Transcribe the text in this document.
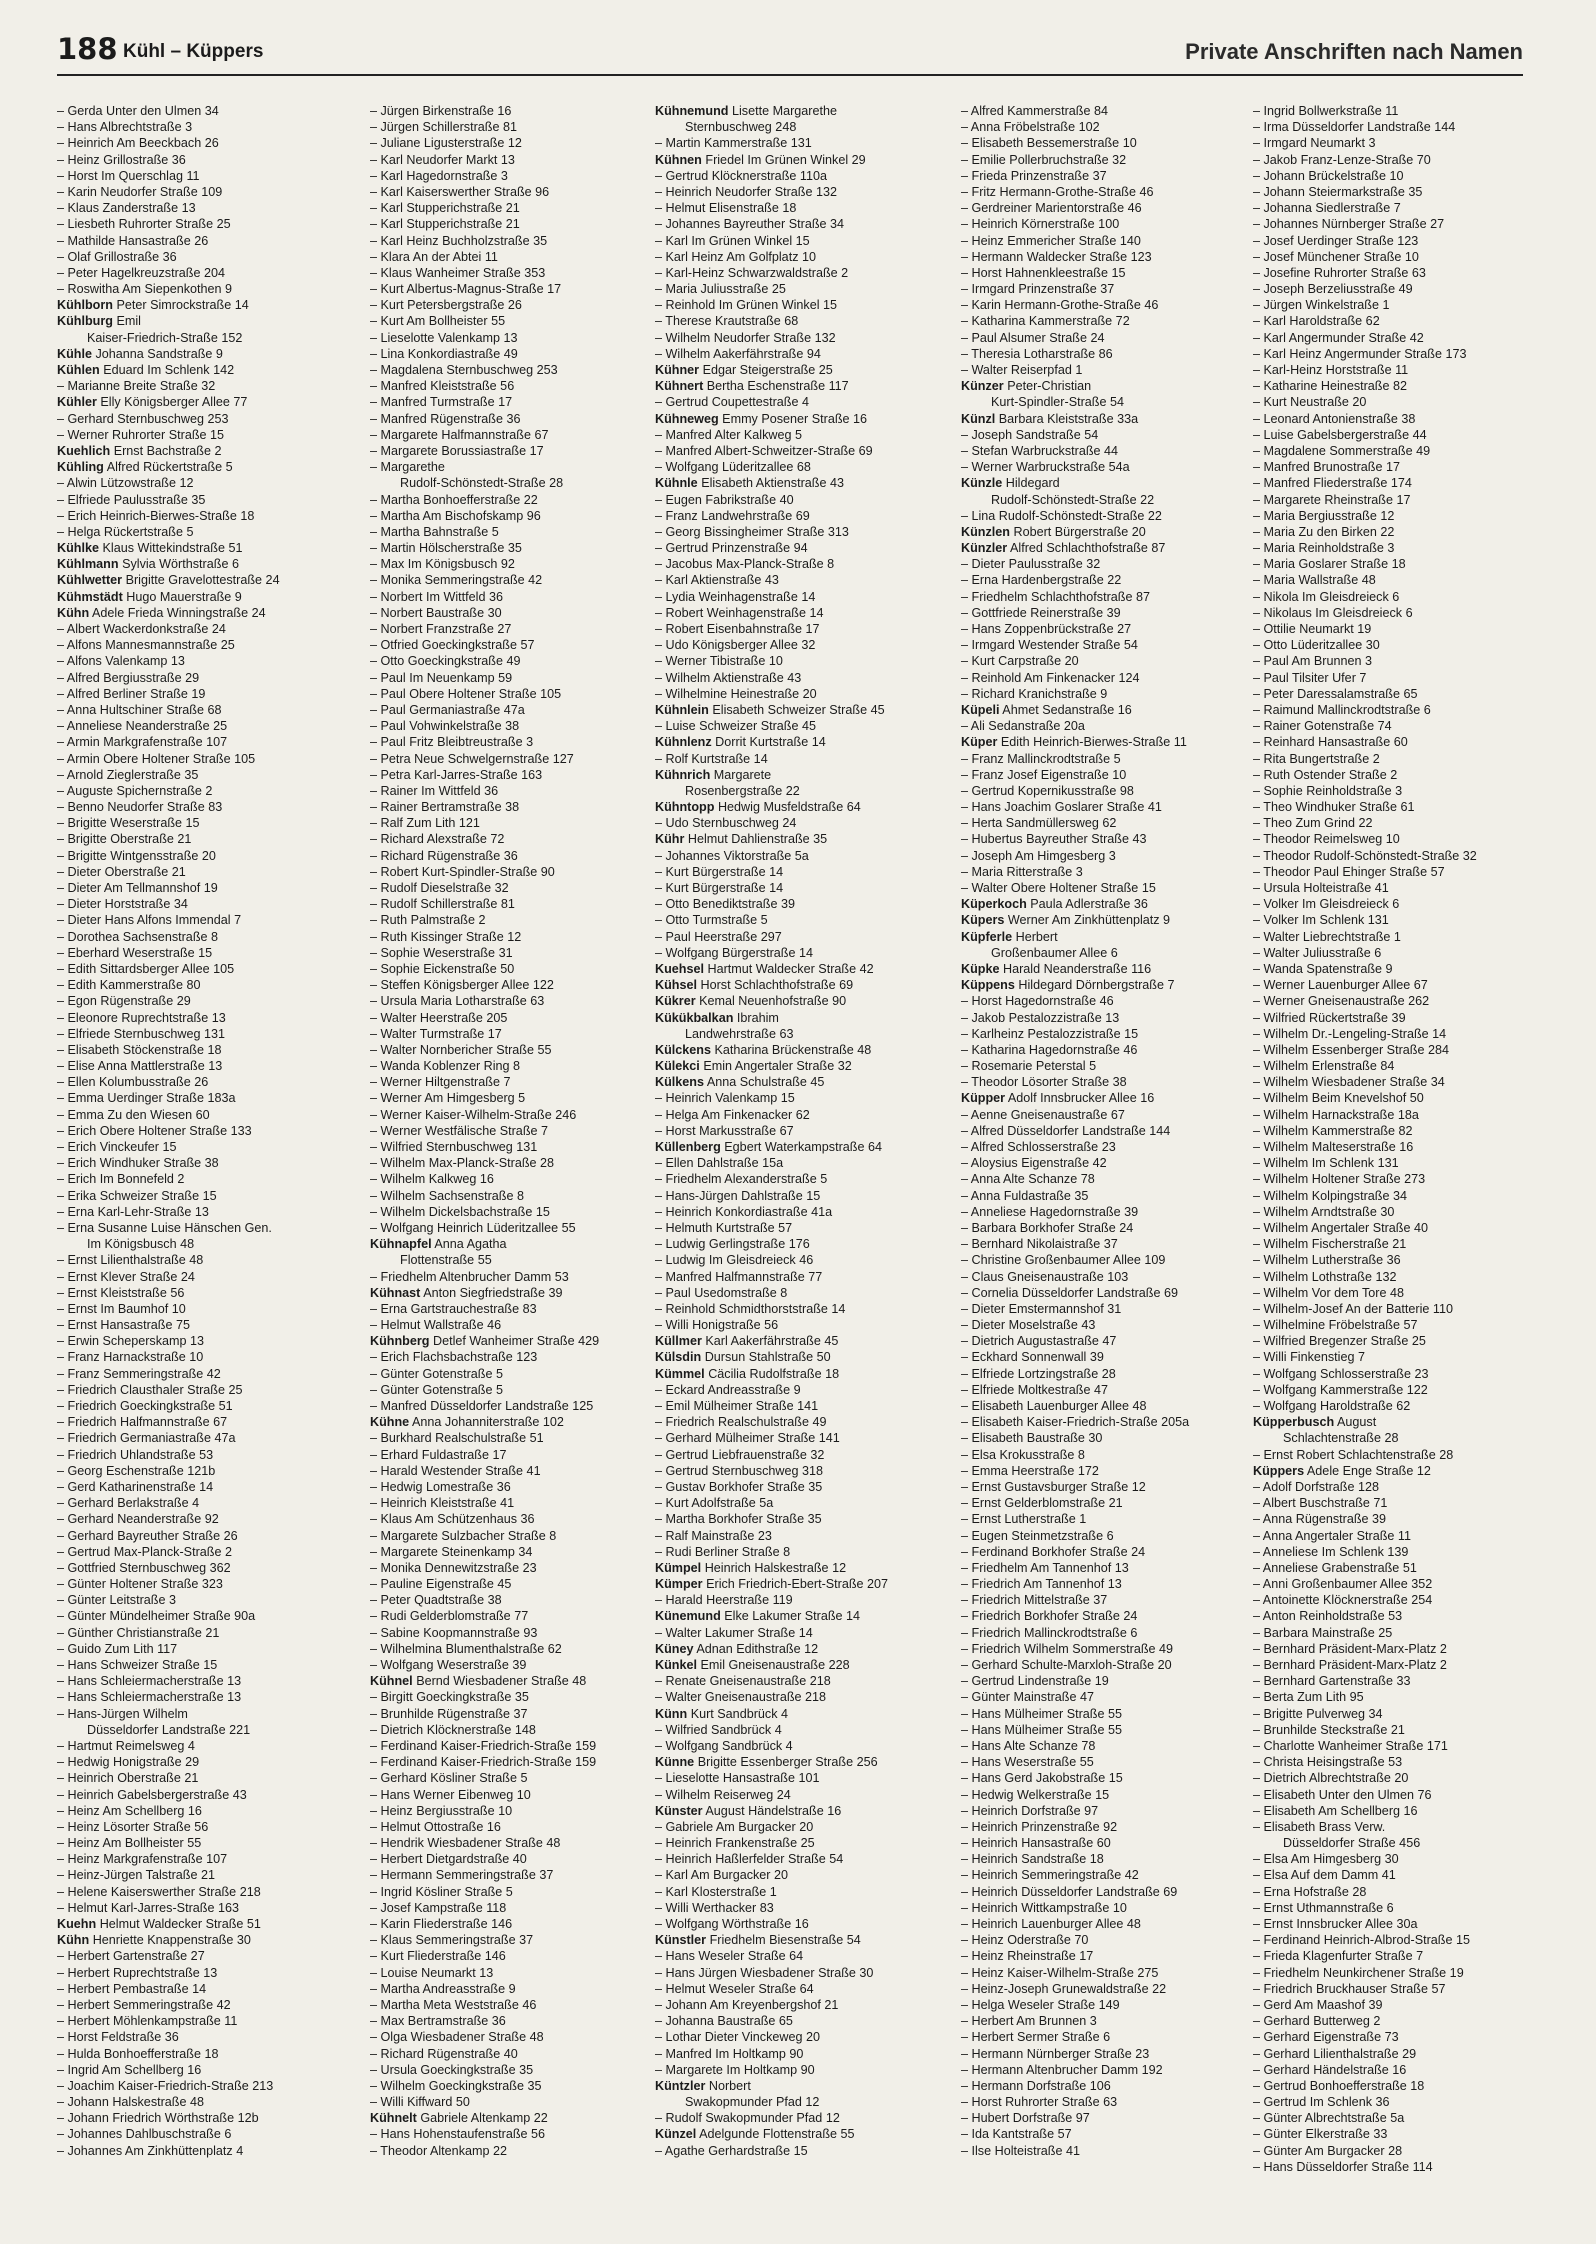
188 Kühl – Küppers	Private Anschriften nach Namen
– Gerda Unter den Ulmen 34
– Hans Albrechtstraße 3
– Heinrich Am Beeckbach 26
– Heinz Grillostraße 36
– Horst Im Querschlag 11
– Karin Neudorfer Straße 109
– Klaus Zanderstraße 13
– Liesbeth Ruhrorter Straße 25
– Mathilde Hansastraße 26
– Olaf Grillostraße 36
– Peter Hagelkreuzstraße 204
– Roswitha Am Siepenkothen 9
Kühlborn Peter Simrockstraße 14
Kühlburg Emil
Kaiser-Friedrich-Straße 152
Kühle Johanna Sandstraße 9
Kühlen Eduard Im Schlenk 142
– Marianne Breite Straße 32
Kühler Elly Königsberger Allee 77
– Gerhard Sternbuschweg 253
– Werner Ruhrorter Straße 15
Kuehlich Ernst Bachstraße 2
Kühling Alfred Rückertstraße 5
– Alwin Lützowstraße 12
– Elfriede Paulusstraße 35
– Erich Heinrich-Bierwes-Straße 18
– Helga Rückertstraße 5
Kühlke Klaus Wittekindstraße 51
Kühlmann Sylvia Wörthstraße 6
Kühlwetter Brigitte Gravelottestraße 24
Kühmstädt Hugo Mauerstraße 9
Kühn Adele Frieda Winningstraße 24
– Albert Wackerdonkstraße 24
– Alfons Mannesmannstraße 25
– Alfons Valenkamp 13
– Alfred Bergiusstraße 29
– Alfred Berliner Straße 19
– Anna Hultschiner Straße 68
– Anneliese Neanderstraße 25
– Armin Markgrafenstraße 107
– Armin Obere Holtener Straße 105
– Arnold Zieglerstraße 35
– Auguste Spichernstraße 2
– Benno Neudorfer Straße 83
– Brigitte Weserstraße 15
– Brigitte Oberstraße 21
– Brigitte Wintgensstraße 20
– Dieter Oberstraße 21
– Dieter Am Tellmannshof 19
– Dieter Horststraße 34
– Dieter Hans Alfons Immendal 7
– Dorothea Sachsenstraße 8
– Eberhard Weserstraße 15
– Edith Sittardsberger Allee 105
– Edith Kammerstraße 80
– Egon Rügenstraße 29
– Eleonore Ruprechtstraße 13
– Elfriede Sternbuschweg 131
– Elisabeth Stöckenstraße 18
– Elise Anna Mattlerstraße 13
– Ellen Kolumbusstraße 26
– Emma Uerdinger Straße 183a
– Emma Zu den Wiesen 60
– Erich Obere Holtener Straße 133
– Erich Vinckeufer 15
– Erich Windhuker Straße 38
– Erich Im Bonnefeld 2
– Erika Schweizer Straße 15
– Erna Karl-Lehr-Straße 13
– Erna Susanne Luise Hänschen Gen.
Im Königsbusch 48
– Ernst Lilienthalstraße 48
– Ernst Klever Straße 24
– Ernst Kleiststraße 56
– Ernst Im Baumhof 10
– Ernst Hansastraße 75
– Erwin Scheperskamp 13
– Franz Harnackstraße 10
– Franz Semmeringstraße 42
– Friedrich Clausthaler Straße 25
– Friedrich Goeckingkstraße 51
– Friedrich Halfmannstraße 67
– Friedrich Germaniastraße 47a
– Friedrich Uhlandstraße 53
– Georg Eschenstraße 121b
– Gerd Katharinenstraße 14
– Gerhard Berlakstraße 4
– Gerhard Neanderstraße 92
– Gerhard Bayreuther Straße 26
– Gertrud Max-Planck-Straße 2
– Gottfried Sternbuschweg 362
– Günter Holtener Straße 323
– Günter Leitstraße 3
– Günter Mündelheimer Straße 90a
– Günther Christianstraße 21
– Guido Zum Lith 117
– Hans Schweizer Straße 15
– Hans Schleiermacherstraße 13
– Hans Schleiermacherstraße 13
– Hans-Jürgen Wilhelm
Düsseldorfer Landstraße 221
– Hartmut Reimelsweg 4
– Hedwig Honigstraße 29
– Heinrich Oberstraße 21
– Heinrich Gabelsbergerstraße 43
– Heinz Am Schellberg 16
– Heinz Lösorter Straße 56
– Heinz Am Bollheister 55
– Heinz Markgrafenstraße 107
– Heinz-Jürgen Talstraße 21
– Helene Kaiserswerther Straße 218
– Helmut Karl-Jarres-Straße 163
Kuehn Helmut Waldecker Straße 51
Kühn Henriette Knappenstraße 30
– Herbert Gartenstraße 27
– Herbert Ruprechtstraße 13
– Herbert Pembastraße 14
– Herbert Semmeringstraße 42
– Herbert Möhlenkampstraße 11
– Horst Feldstraße 36
– Hulda Bonhoefferstraße 18
– Ingrid Am Schellberg 16
– Joachim Kaiser-Friedrich-Straße 213
– Johann Halskestraße 48
– Johann Friedrich Wörthstraße 12b
– Johannes Dahlbuschstraße 6
– Johannes Am Zinkhüttenplatz 4
– Jürgen Birkenstraße 16
– Jürgen Schillerstraße 81
– Juliane Ligusterstraße 12
– Karl Neudorfer Markt 13
– Karl Hagedornstraße 3
– Karl Kaiserswerther Straße 96
– Karl Stupperichstraße 21
– Karl Stupperichstraße 21
– Karl Heinz Buchholzstraße 35
– Klara An der Abtei 11
– Klaus Wanheimer Straße 353
– Kurt Albertus-Magnus-Straße 17
– Kurt Petersbergstraße 26
– Kurt Am Bollheister 55
– Lieselotte Valenkamp 13
– Lina Konkordiastraße 49
– Magdalena Sternbuschweg 253
– Manfred Kleiststraße 56
– Manfred Turmstraße 17
– Manfred Rügenstraße 36
– Margarete Halfmannstraße 67
– Margarete Borussiastraße 17
– Margarethe
Rudolf-Schönstedt-Straße 28
– Martha Bonhoefferstraße 22
– Martha Am Bischofskamp 96
– Martha Bahnstraße 5
– Martin Hölscherstraße 35
– Max Im Königsbusch 92
– Monika Semmeringstraße 42
– Norbert Im Wittfeld 36
– Norbert Baustraße 30
– Norbert Franzstraße 27
– Otfried Goeckingkstraße 57
– Otto Goeckingkstraße 49
– Paul Im Neuenkamp 59
– Paul Obere Holtener Straße 105
– Paul Germaniastraße 47a
– Paul Vohwinkelstraße 38
– Paul Fritz Bleibtreustraße 3
– Petra Neue Schwelgernstraße 127
– Petra Karl-Jarres-Straße 163
– Rainer Im Wittfeld 36
– Rainer Bertramstraße 38
– Ralf Zum Lith 121
– Richard Alexstraße 72
– Richard Rügenstraße 36
– Robert Kurt-Spindler-Straße 90
– Rudolf Dieselstraße 32
– Rudolf Schillerstraße 81
– Ruth Palmstraße 2
– Ruth Kissinger Straße 12
– Sophie Weserstraße 31
– Sophie Eickenstraße 50
– Steffen Königsberger Allee 122
– Ursula Maria Lotharstraße 63
– Walter Heerstraße 205
– Walter Turmstraße 17
– Walter Nornbericher Straße 55
– Wanda Koblenzer Ring 8
– Werner Hiltgenstraße 7
– Werner Am Himgesberg 5
– Werner Kaiser-Wilhelm-Straße 246
– Werner Westfälische Straße 7
– Wilfried Sternbuschweg 131
– Wilhelm Max-Planck-Straße 28
– Wilhelm Kalkweg 16
– Wilhelm Sachsenstraße 8
– Wilhelm Dickelsbachstraße 15
– Wolfgang Heinrich Lüderitzallee 55
Kühnapfel Anna Agatha
Flottenstraße 55
– Friedhelm Altenbrucher Damm 53
Kühnast Anton Siegfriedstraße 39
– Erna Gartstrauchestraße 83
– Helmut Wallstraße 46
Kühnberg Detlef Wanheimer Straße 429
– Erich Flachsbachstraße 123
– Günter Gotenstraße 5
– Günter Gotenstraße 5
– Manfred Düsseldorfer Landstraße 125
Kühne Anna Johanniterstraße 102
– Burkhard Realschulstraße 51
– Erhard Fuldastraße 17
– Harald Westender Straße 41
– Hedwig Lomestraße 36
– Heinrich Kleiststraße 41
– Klaus Am Schützenhaus 36
– Margarete Sulzbacher Straße 8
– Margarete Steinenkamp 34
– Monika Dennewitzstraße 23
– Pauline Eigenstraße 45
– Peter Quadtstraße 38
– Rudi Gelderblomstraße 77
– Sabine Koopmannstraße 93
– Wilhelmina Blumenthalstraße 62
– Wolfgang Weserstraße 39
Kühnel Bernd Wiesbadener Straße 48
– Birgitt Goeckingkstraße 35
– Brunhilde Rügenstraße 37
– Dietrich Klöcknerstraße 148
– Ferdinand Kaiser-Friedrich-Straße 159
– Ferdinand Kaiser-Friedrich-Straße 159
– Gerhard Kösliner Straße 5
– Hans Werner Eibenweg 10
– Heinz Bergiusstraße 10
– Helmut Ottostraße 16
– Hendrik Wiesbadener Straße 48
– Herbert Dietgardstraße 40
– Hermann Semmeringstraße 37
– Ingrid Kösliner Straße 5
– Josef Kampstraße 118
– Karin Fliederstraße 146
– Klaus Semmeringstraße 37
– Kurt Fliederstraße 146
– Louise Neumarkt 13
– Martha Andreasstraße 9
– Martha Meta Weststraße 46
– Max Bertramstraße 36
– Olga Wiesbadener Straße 48
– Richard Rügenstraße 40
– Ursula Goeckingkstraße 35
– Wilhelm Goeckingkstraße 35
– Willi Kiffward 50
Kühnelt Gabriele Altenkamp 22
– Hans Hohenstaufenstraße 56
– Theodor Altenkamp 22
Kühnemund Lisette Margarethe
Sternbuschweg 248
– Martin Kammerstraße 131
Kühnen Friedel Im Grünen Winkel 29
– Gertrud Klöcknerstraße 110a
– Heinrich Neudorfer Straße 132
– Helmut Elisenstraße 18
– Johannes Bayreuther Straße 34
– Karl Im Grünen Winkel 15
– Karl Heinz Am Golfplatz 10
– Karl-Heinz Schwarzwaldstraße 2
– Maria Juliusstraße 25
– Reinhold Im Grünen Winkel 15
– Therese Krautstraße 68
– Wilhelm Neudorfer Straße 132
– Wilhelm Aakerfährstraße 94
Kühner Edgar Steigerstraße 25
Kühnert Bertha Eschenstraße 117
– Gertrud Coupettestraße 4
Kühneweg Emmy Posener Straße 16
– Manfred Alter Kalkweg 5
– Manfred Albert-Schweitzer-Straße 69
– Wolfgang Lüderitzallee 68
Kühnle Elisabeth Aktienstraße 43
– Eugen Fabrikstraße 40
– Franz Landwehrstraße 69
– Georg Bissingheimer Straße 313
– Gertrud Prinzenstraße 94
– Jacobus Max-Planck-Straße 8
– Karl Aktienstraße 43
– Lydia Weinhagenstraße 14
– Robert Weinhagenstraße 14
– Robert Eisenbahnstraße 17
– Udo Königsberger Allee 32
– Werner Tibistraße 10
– Wilhelm Aktienstraße 43
– Wilhelmine Heinestraße 20
Kühnlein Elisabeth Schweizer Straße 45
– Luise Schweizer Straße 45
Kühnlenz Dorrit Kurtstraße 14
– Rolf Kurtstraße 14
Kühnrich Margarete
Rosenbergstraße 22
Kühntopp Hedwig Musfeldstraße 64
– Udo Sternbuschweg 24
Kühr Helmut Dahlienstraße 35
– Johannes Viktorstraße 5a
– Kurt Bürgerstraße 14
– Kurt Bürgerstraße 14
– Otto Benediktstraße 39
– Otto Turmstraße 5
– Paul Heerstraße 297
– Wolfgang Bürgerstraße 14
Kuehsel Hartmut Waldecker Straße 42
Kühsel Horst Schlachthofstraße 69
Kükrer Kemal Neuenhofstraße 90
Kükükbalkan Ibrahim
Landwehrstraße 63
Külckens Katharina Brückenstraße 48
Külekci Emin Angertaler Straße 32
Külkens Anna Schulstraße 45
– Heinrich Valenkamp 15
– Helga Am Finkenacker 62
– Horst Markusstraße 67
Küllenberg Egbert Waterkampstraße 64
– Ellen Dahlstraße 15a
– Friedhelm Alexanderstraße 5
– Hans-Jürgen Dahlstraße 15
– Heinrich Konkordiastraße 41a
– Helmuth Kurtstraße 57
– Ludwig Gerlingstraße 176
– Ludwig Im Gleisdreieck 46
– Manfred Halfmannstraße 77
– Paul Usedomstraße 8
– Reinhold Schmidthorststraße 14
– Willi Honigstraße 56
Küllmer Karl Aakerfährstraße 45
Külsdin Dursun Stahlstraße 50
Kümmel Cäcilia Rudolfstraße 18
– Eckard Andreasstraße 9
– Emil Mülheimer Straße 141
– Friedrich Realschulstraße 49
– Gerhard Mülheimer Straße 141
– Gertrud Liebfrauenstraße 32
– Gertrud Sternbuschweg 318
– Gustav Borkhofer Straße 35
– Kurt Adolfstraße 5a
– Martha Borkhofer Straße 35
– Ralf Mainstraße 23
– Rudi Berliner Straße 8
Kümpel Heinrich Halskestraße 12
Kümper Erich Friedrich-Ebert-Straße 207
– Harald Heerstraße 119
Künemund Elke Lakumer Straße 14
– Walter Lakumer Straße 14
Küney Adnan Edithstraße 12
Künkel Emil Gneisenaustraße 228
– Renate Gneisenaustraße 218
– Walter Gneisenaustraße 218
Künn Kurt Sandbrück 4
– Wilfried Sandbrück 4
– Wolfgang Sandbrück 4
Künne Brigitte Essenberger Straße 256
– Lieselotte Hansastraße 101
– Wilhelm Reiserweg 24
Künster August Händelstraße 16
– Gabriele Am Burgacker 20
– Heinrich Frankenstraße 25
– Heinrich Haßlerfelder Straße 54
– Karl Am Burgacker 20
– Karl Klosterstraße 1
– Willi Werthacker 83
– Wolfgang Wörthstraße 16
Künstler Friedhelm Biesenstraße 54
– Hans Weseler Straße 64
– Hans Jürgen Wiesbadener Straße 30
– Helmut Weseler Straße 64
– Johann Am Kreyenbergshof 21
– Johanna Baustraße 65
– Lothar Dieter Vinckeweg 20
– Manfred Im Holtkamp 90
– Margarete Im Holtkamp 90
Küntzler Norbert
Swakopmunder Pfad 12
– Rudolf Swakopmunder Pfad 12
Künzel Adelgunde Flottenstraße 55
– Agathe Gerhardstraße 15
– Alfred Kammerstraße 84
– Anna Fröbelstraße 102
– Elisabeth Bessemerstraße 10
– Emilie Pollerbruchstraße 32
– Frieda Prinzenstraße 37
– Fritz Hermann-Grothe-Straße 46
– Gerdreiner Marientorstraße 46
– Heinrich Körnerstraße 100
– Heinz Emmericher Straße 140
– Hermann Waldecker Straße 123
– Horst Hahnenkleestraße 15
– Irmgard Prinzenstraße 37
– Karin Hermann-Grothe-Straße 46
– Katharina Kammerstraße 72
– Paul Alsumer Straße 24
– Theresia Lotharstraße 86
– Walter Reiserpfad 1
Künzer Peter-Christian
Kurt-Spindler-Straße 54
Künzl Barbara Kleiststraße 33a
– Joseph Sandstraße 54
– Stefan Warbruckstraße 44
– Werner Warbruckstraße 54a
Künzle Hildegard
Rudolf-Schönstedt-Straße 22
– Lina Rudolf-Schönstedt-Straße 22
Künzlen Robert Bürgerstraße 20
Künzler Alfred Schlachthofstraße 87
– Dieter Paulusstraße 32
– Erna Hardenbergstraße 22
– Friedhelm Schlachthofstraße 87
– Gottfriede Reinerstraße 39
– Hans Zoppenbrückstraße 27
– Irmgard Westender Straße 54
– Kurt Carpstraße 20
– Reinhold Am Finkenacker 124
– Richard Kranichstraße 9
Küpeli Ahmet Sedanstraße 16
– Ali Sedanstraße 20a
Küper Edith Heinrich-Bierwes-Straße 11
– Franz Mallinckrodtstraße 5
– Franz Josef Eigenstraße 10
– Gertrud Kopernikusstraße 98
– Hans Joachim Goslarer Straße 41
– Herta Sandmüllersweg 62
– Hubertus Bayreuther Straße 43
– Joseph Am Himgesberg 3
– Maria Ritterstraße 3
– Walter Obere Holtener Straße 15
Küperkoch Paula Adlerstraße 36
Küpers Werner Am Zinkhüttenplatz 9
Küpferle Herbert
Großenbaumer Allee 6
Küpke Harald Neanderstraße 116
Küppens Hildegard Dörnbergstraße 7
– Horst Hagedornstraße 46
– Jakob Pestalozzistraße 13
– Karlheinz Pestalozzistraße 15
– Katharina Hagedornstraße 46
– Rosemarie Peterstal 5
– Theodor Lösorter Straße 38
Küpper Adolf Innsbrucker Allee 16
– Aenne Gneisenaustraße 67
– Alfred Düsseldorfer Landstraße 144
– Alfred Schlosserstraße 23
– Aloysius Eigenstraße 42
– Anna Alte Schanze 78
– Anna Fuldastraße 35
– Anneliese Hagedornstraße 39
– Barbara Borkhofer Straße 24
– Bernhard Nikolaistraße 37
– Christine Großenbaumer Allee 109
– Claus Gneisenaustraße 103
– Cornelia Düsseldorfer Landstraße 69
– Dieter Emstermannshof 31
– Dieter Moselstraße 43
– Dietrich Augustastraße 47
– Eckhard Sonnenwall 39
– Elfriede Lortzingstraße 28
– Elfriede Moltkestraße 47
– Elisabeth Lauenburger Allee 48
– Elisabeth Kaiser-Friedrich-Straße 205a
– Elisabeth Baustraße 30
– Elsa Krokusstraße 8
– Emma Heerstraße 172
– Ernst Gustavsburger Straße 12
– Ernst Gelderblomstraße 21
– Ernst Lutherstraße 1
– Eugen Steinmetzstraße 6
– Ferdinand Borkhofer Straße 24
– Friedhelm Am Tannenhof 13
– Friedrich Am Tannenhof 13
– Friedrich Mittelstraße 37
– Friedrich Borkhofer Straße 24
– Friedrich Mallinckrodtstraße 6
– Friedrich Wilhelm Sommerstraße 49
– Gerhard Schulte-Marxloh-Straße 20
– Gertrud Lindenstraße 19
– Günter Mainstraße 47
– Hans Mülheimer Straße 55
– Hans Mülheimer Straße 55
– Hans Alte Schanze 78
– Hans Weserstraße 55
– Hans Gerd Jakobstraße 15
– Hedwig Welkerstraße 15
– Heinrich Dorfstraße 97
– Heinrich Prinzenstraße 92
– Heinrich Hansastraße 60
– Heinrich Sandstraße 18
– Heinrich Semmeringstraße 42
– Heinrich Düsseldorfer Landstraße 69
– Heinrich Wittkampstraße 10
– Heinrich Lauenburger Allee 48
– Heinz Oderstraße 70
– Heinz Rheinstraße 17
– Heinz Kaiser-Wilhelm-Straße 275
– Heinz-Joseph Grunewaldstraße 22
– Helga Weseler Straße 149
– Herbert Am Brunnen 3
– Herbert Sermer Straße 6
– Hermann Nürnberger Straße 23
– Hermann Altenbrucher Damm 192
– Hermann Dorfstraße 106
– Horst Ruhrorter Straße 63
– Hubert Dorfstraße 97
– Ida Kantstraße 57
– Ilse Holteistraße 41
– Ingrid Bollwerkstraße 11
– Irma Düsseldorfer Landstraße 144
– Irmgard Neumarkt 3
– Jakob Franz-Lenze-Straße 70
– Johann Brückelstraße 10
– Johann Steiermarkstraße 35
– Johanna Siedlerstraße 7
– Johannes Nürnberger Straße 27
– Josef Uerdinger Straße 123
– Josef Münchener Straße 10
– Josefine Ruhrorter Straße 63
– Joseph Berzeliusstraße 49
– Jürgen Winkelstraße 1
– Karl Haroldstraße 62
– Karl Angermunder Straße 42
– Karl Heinz Angermunder Straße 173
– Karl-Heinz Horststraße 11
– Katharine Heinestraße 82
– Kurt Neustraße 20
– Leonard Antonienstraße 38
– Luise Gabelsbergerstraße 44
– Magdalene Sommerstraße 49
– Manfred Brunostraße 17
– Manfred Fliederstraße 174
– Margarete Rheinstraße 17
– Maria Bergiusstraße 12
– Maria Zu den Birken 22
– Maria Reinholdstraße 3
– Maria Goslarer Straße 18
– Maria Wallstraße 48
– Nikola Im Gleisdreieck 6
– Nikolaus Im Gleisdreieck 6
– Ottilie Neumarkt 19
– Otto Lüderitzallee 30
– Paul Am Brunnen 3
– Paul Tilsiter Ufer 7
– Peter Daressalamstraße 65
– Raimund Mallinckrodtstraße 6
– Rainer Gotenstraße 74
– Reinhard Hansastraße 60
– Rita Bungertstraße 2
– Ruth Ostender Straße 2
– Sophie Reinholdstraße 3
– Theo Windhuker Straße 61
– Theo Zum Grind 22
– Theodor Reimelsweg 10
– Theodor Rudolf-Schönstedt-Straße 32
– Theodor Paul Ehinger Straße 57
– Ursula Holteistraße 41
– Volker Im Gleisdreieck 6
– Volker Im Schlenk 131
– Walter Liebrechtstraße 1
– Walter Juliusstraße 6
– Wanda Spatenstraße 9
– Werner Lauenburger Allee 67
– Werner Gneisenaustraße 262
– Wilfried Rückertstraße 39
– Wilhelm Dr.-Lengeling-Straße 14
– Wilhelm Essenberger Straße 284
– Wilhelm Erlenstraße 84
– Wilhelm Wiesbadener Straße 34
– Wilhelm Beim Knevelshof 50
– Wilhelm Harnackstraße 18a
– Wilhelm Kammerstraße 82
– Wilhelm Malteserstraße 16
– Wilhelm Im Schlenk 131
– Wilhelm Holtener Straße 273
– Wilhelm Kolpingstraße 34
– Wilhelm Arndtstraße 30
– Wilhelm Angertaler Straße 40
– Wilhelm Fischerstraße 21
– Wilhelm Lutherstraße 36
– Wilhelm Lothstraße 132
– Wilhelm Vor dem Tore 48
– Wilhelm-Josef An der Batterie 110
– Wilhelmine Fröbelstraße 57
– Wilfried Bregenzer Straße 25
– Willi Finkenstieg 7
– Wolfgang Schlosserstraße 23
– Wolfgang Kammerstraße 122
– Wolfgang Haroldstraße 62
Küpperbusch August
Schlachtenstraße 28
– Ernst Robert Schlachtenstraße 28
Küppers Adele Enge Straße 12
– Adolf Dorfstraße 128
– Albert Buschstraße 71
– Anna Rügenstraße 39
– Anna Angertaler Straße 11
– Anneliese Im Schlenk 139
– Anneliese Grabenstraße 51
– Anni Großenbaumer Allee 352
– Antoinette Klöcknerstraße 254
– Anton Reinholdstraße 53
– Barbara Mainstraße 25
– Bernhard Präsident-Marx-Platz 2
– Bernhard Präsident-Marx-Platz 2
– Bernhard Gartenstraße 33
– Berta Zum Lith 95
– Brigitte Pulverweg 34
– Brunhilde Steckstraße 21
– Charlotte Wanheimer Straße 171
– Christa Heisingstraße 53
– Dietrich Albrechtstraße 20
– Elisabeth Unter den Ulmen 76
– Elisabeth Am Schellberg 16
– Elisabeth Brass Verw.
Düsseldorfer Straße 456
– Elsa Am Himgesberg 30
– Elsa Auf dem Damm 41
– Erna Hofstraße 28
– Ernst Uthmannstraße 6
– Ernst Innsbrucker Allee 30a
– Ferdinand Heinrich-Albrod-Straße 15
– Frieda Klagenfurter Straße 7
– Friedhelm Neunkirchener Straße 19
– Friedrich Bruckhauser Straße 57
– Gerd Am Maashof 39
– Gerhard Butterweg 2
– Gerhard Eigenstraße 73
– Gerhard Lilienthalstraße 29
– Gerhard Händelstraße 16
– Gertrud Bonhoefferstraße 18
– Gertrud Im Schlenk 36
– Günter Albrechtstraße 5a
– Günter Elkerstraße 33
– Günter Am Burgacker 28
– Hans Düsseldorfer Straße 114
